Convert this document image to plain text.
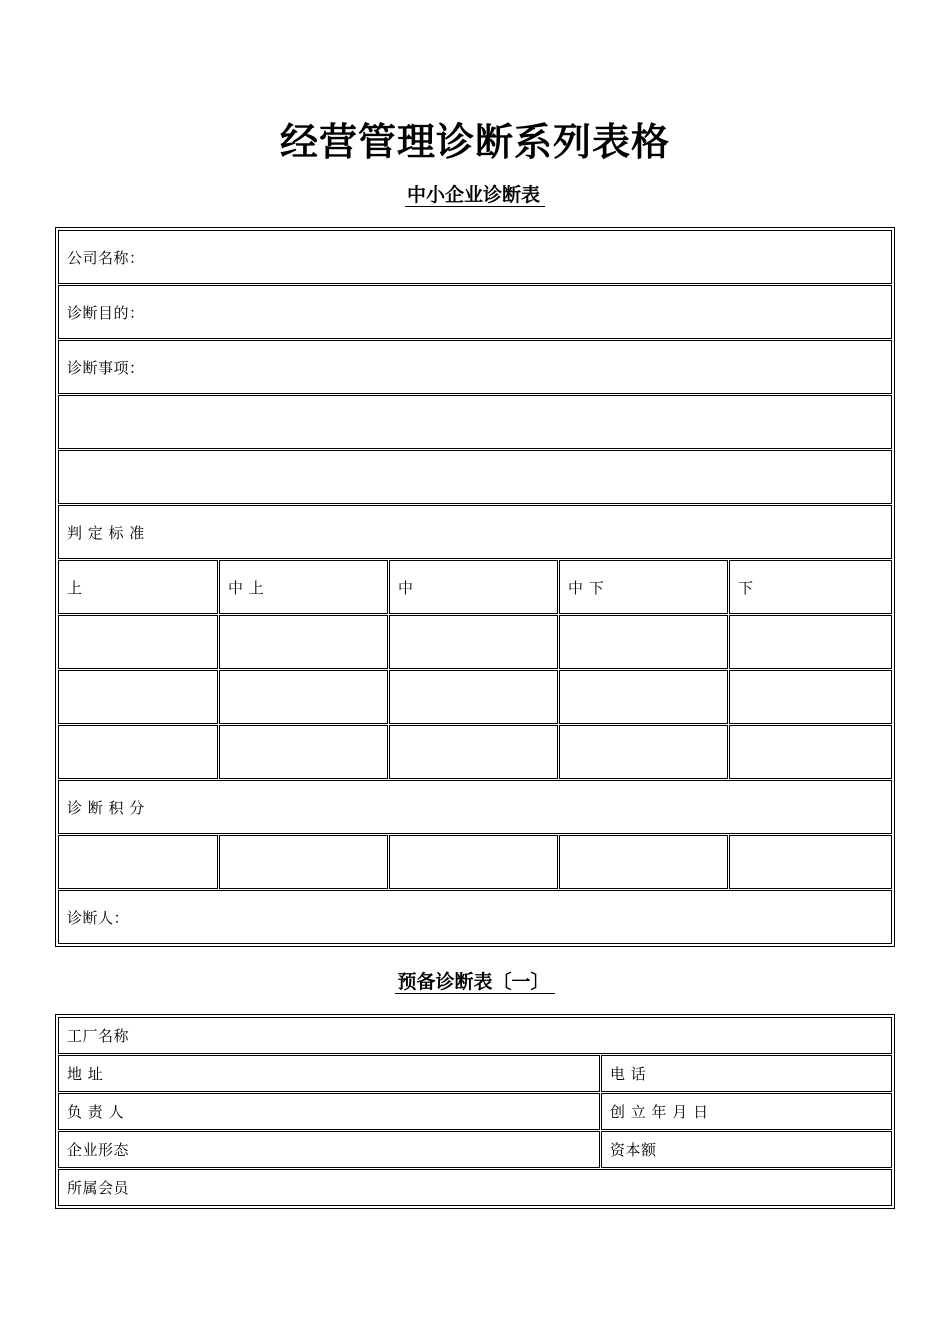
经营管理诊断系列表格
中小企业诊断表
公司名称：
诊断目的：
诊断事项：
判 定 标 准
上	中 上	中	中 下	下
诊 断 积 分
诊断人：
预备诊断表〔一〕
工厂名称
地 址	电 话
负 责 人	创 立 年 月 日
企业形态	资本额
所属会员
